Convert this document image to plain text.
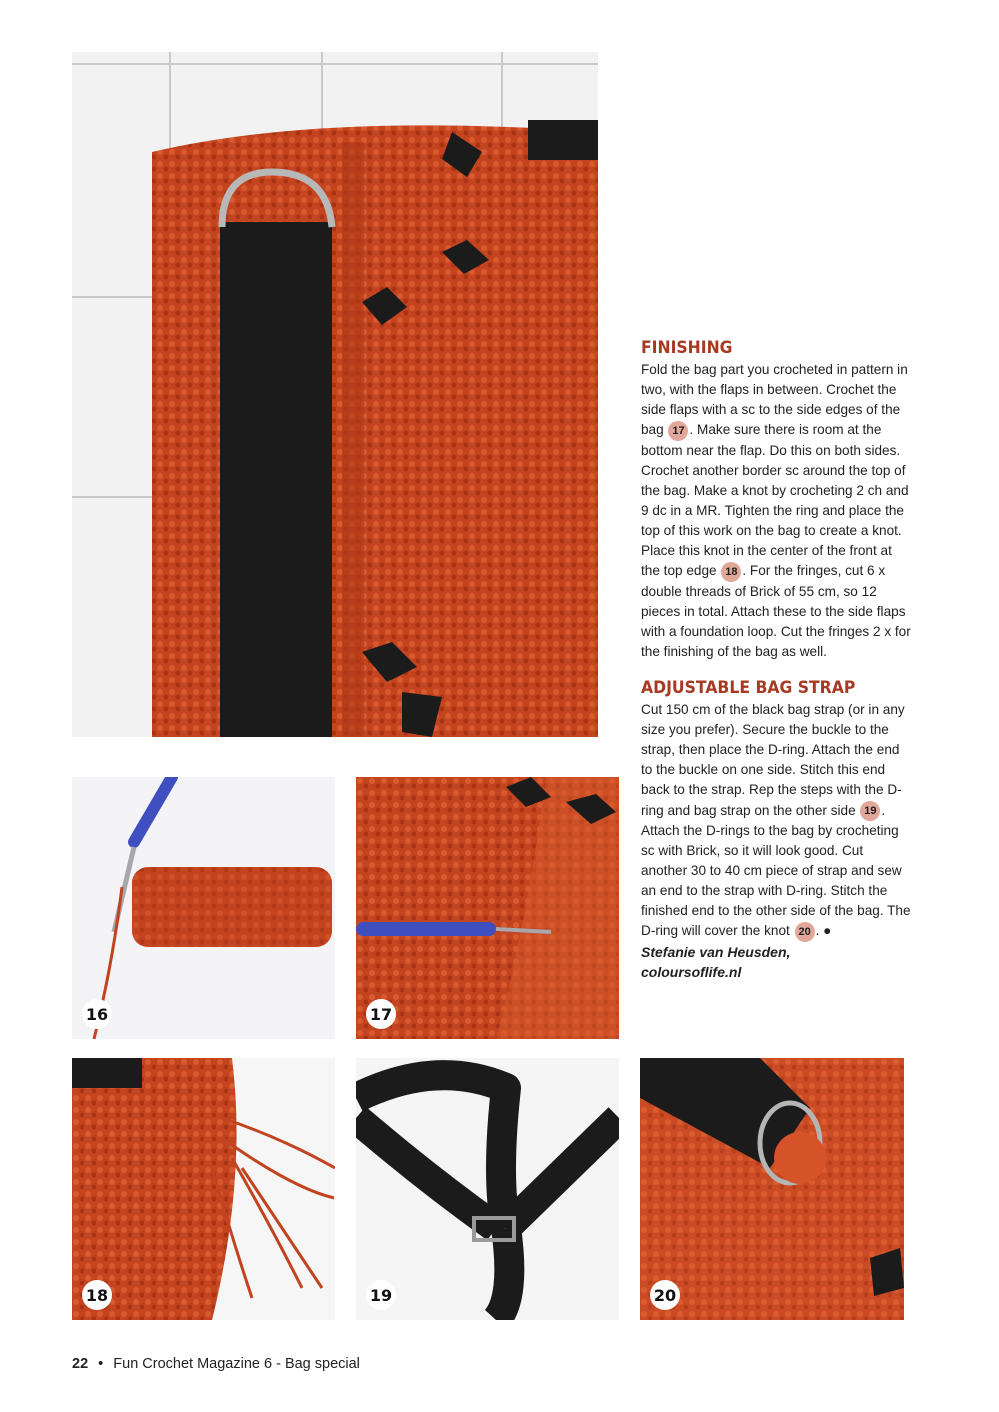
16	17
18	19	20
FINISHING

Fold the bag part you crocheted in pattern in two, with the flaps in between. Crochet the side flaps with a sc to the side edges of the bag 17 . Make sure there is room at the bottom near the flap. Do this on both sides. Crochet another border sc around the top of the bag. Make a knot by crocheting 2 ch and 9 dc in a MR. Tighten the ring and place the top of this work on the bag to create a knot. Place this knot in the center of the front at the top edge 18 . For the fringes, cut 6 x double threads of Brick of 55 cm, so 12 pieces in total. Attach these to the side flaps with a foundation loop. Cut the fringes 2 x for the finishing of the bag as well.

ADJUSTABLE BAG STRAP

Cut 150 cm of the black bag strap (or in any size you prefer). Secure the buckle to the strap, then place the D-ring. Attach the end to the buckle on one side. Stitch this end back to the strap. Rep the steps with the D-ring and bag strap on the other side 19 . Attach the D-rings to the bag by crocheting sc with Brick, so it will look good. Cut another 30 to 40 cm piece of strap and sew an end to the strap with D-ring. Stitch the finished end to the other side of the bag. The D-ring will cover the knot 20 . ●

Stefanie van Heusden,

coloursoflife.nl

22 • Fun Crochet Magazine 6 - Bag special
